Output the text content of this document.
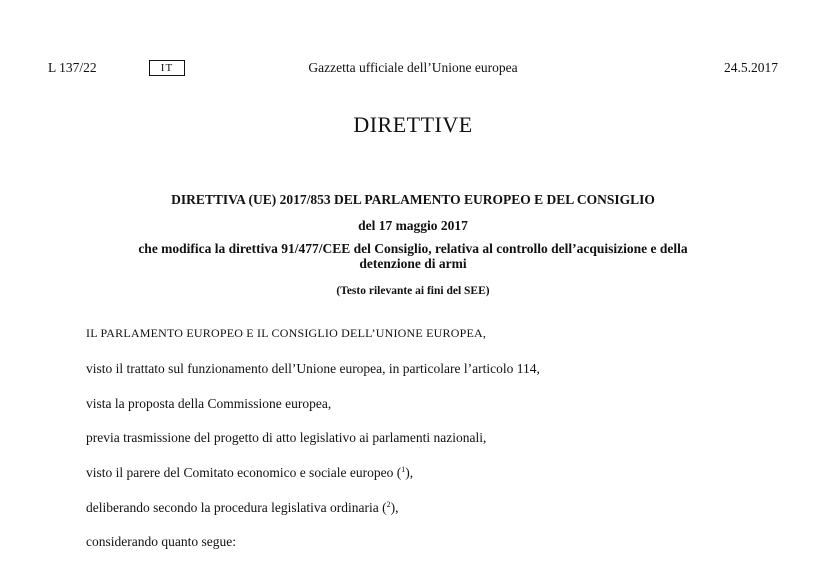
L 137/22	IT	Gazzetta ufficiale dell’Unione europea	24.5.2017
DIRETTIVE
DIRETTIVA (UE) 2017/853 DEL PARLAMENTO EUROPEO E DEL CONSIGLIO
del 17 maggio 2017
che modifica la direttiva 91/477/CEE del Consiglio, relativa al controllo dell’acquisizione e della
detenzione di armi
(Testo rilevante ai fini del SEE)
IL PARLAMENTO EUROPEO E IL CONSIGLIO DELL’UNIONE EUROPEA,
visto il trattato sul funzionamento dell’Unione europea, in particolare l’articolo 114,
vista la proposta della Commissione europea,
previa trasmissione del progetto di atto legislativo ai parlamenti nazionali,
visto il parere del Comitato economico e sociale europeo ($^1$),
deliberando secondo la procedura legislativa ordinaria ($^2$),
considerando quanto segue:
